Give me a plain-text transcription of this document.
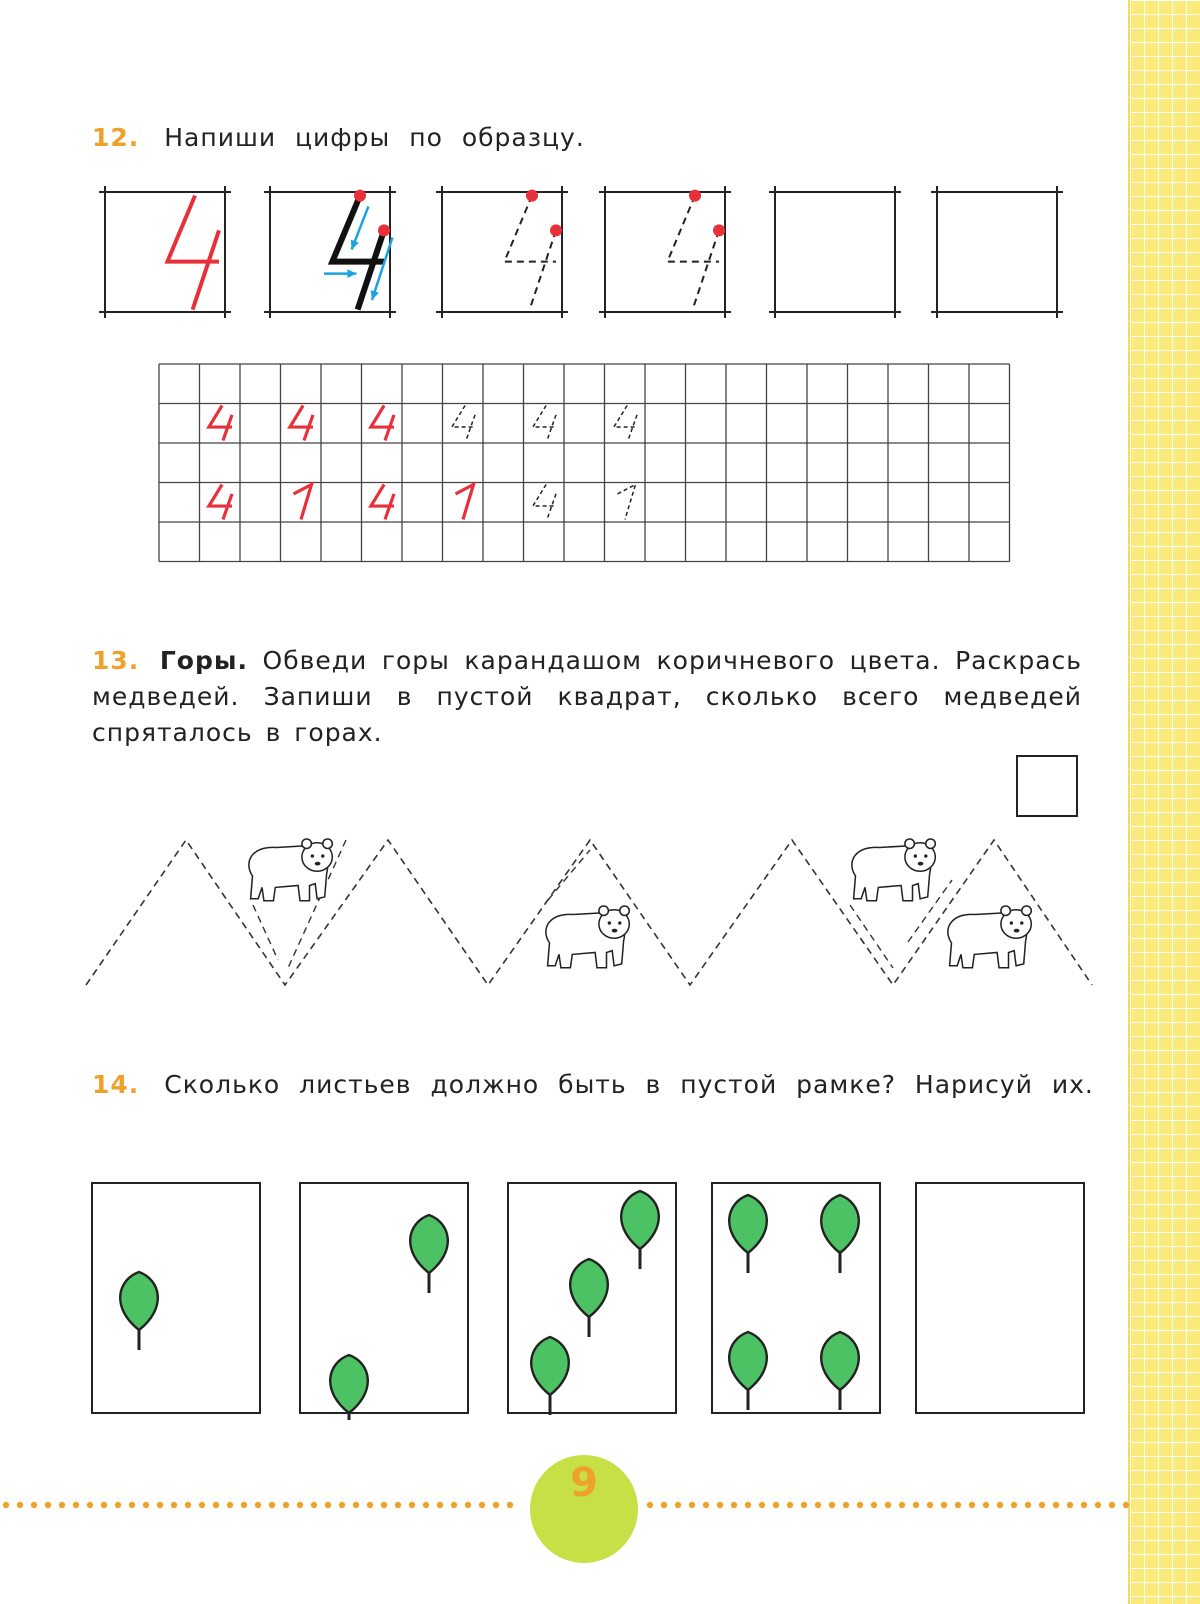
12. Напиши цифры по образцу.
13. Горы. Обведи горы карандашом коричневого цвета. Раскрась медведей. Запиши в пустой квадрат, сколько всего медведей спряталось в горах.
14. Сколько листьев должно быть в пустой рамке? Нарисуй их.
9
